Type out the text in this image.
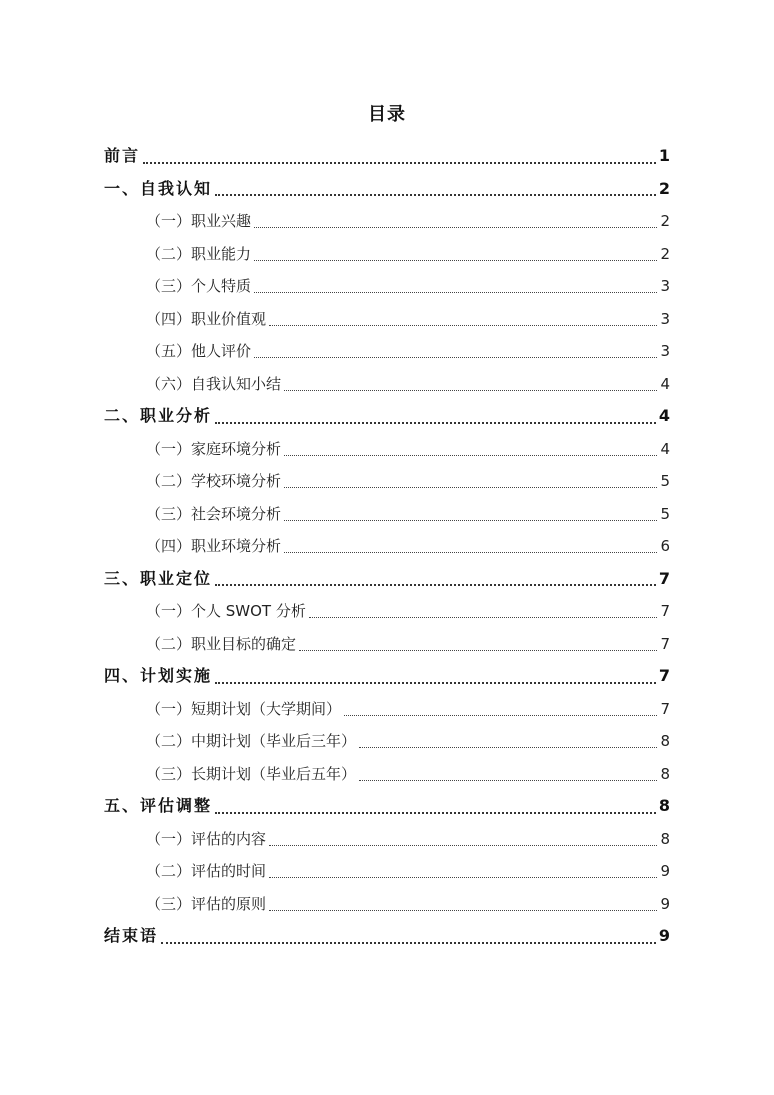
目录
前言	1
一、自我认知	2
（一）职业兴趣	2
（二）职业能力	2
（三）个人特质	3
（四）职业价值观	3
（五）他人评价	3
（六）自我认知小结	4
二、职业分析	4
（一）家庭环境分析	4
（二）学校环境分析	5
（三）社会环境分析	5
（四）职业环境分析	6
三、职业定位	7
（一）个人 SWOT 分析	7
（二）职业目标的确定	7
四、计划实施	7
（一）短期计划（大学期间）	7
（二）中期计划（毕业后三年）	8
（三）长期计划（毕业后五年）	8
五、评估调整	8
（一）评估的内容	8
（二）评估的时间	9
（三）评估的原则	9
结束语	9
